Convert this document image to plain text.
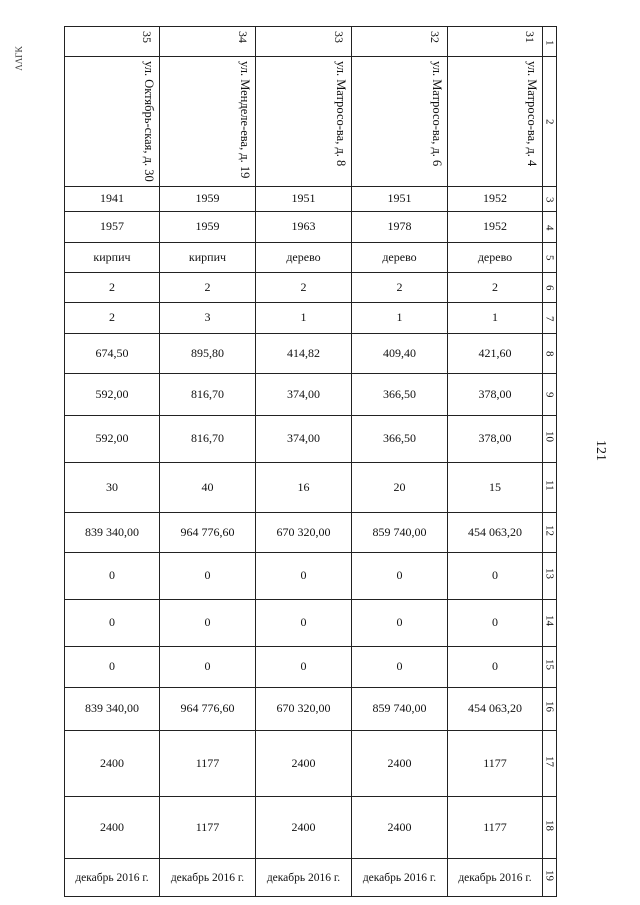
ΛΛΓΚ
121
35	34	33	32	31	1
ул. Октябрь-ская, д. 30	ул. Менделе-ева, д. 19	ул. Матросо-ва, д. 8	ул. Матросо-ва, д. 6	ул. Матросо-ва, д. 4	2
1941	1959	1951	1951	1952	3
1957	1959	1963	1978	1952	4
кирпич	кирпич	дерево	дерево	дерево	5
2	2	2	2	2	6
2	3	1	1	1	7
674,50	895,80	414,82	409,40	421,60	8
592,00	816,70	374,00	366,50	378,00	9
592,00	816,70	374,00	366,50	378,00	10
30	40	16	20	15	11
839 340,00	964 776,60	670 320,00	859 740,00	454 063,20	12
0	0	0	0	0	13
0	0	0	0	0	14
0	0	0	0	0	15
839 340,00	964 776,60	670 320,00	859 740,00	454 063,20	16
2400	1177	2400	2400	1177	17
2400	1177	2400	2400	1177	18
декабрь 2016 г.	декабрь 2016 г.	декабрь 2016 г.	декабрь 2016 г.	декабрь 2016 г.	19
